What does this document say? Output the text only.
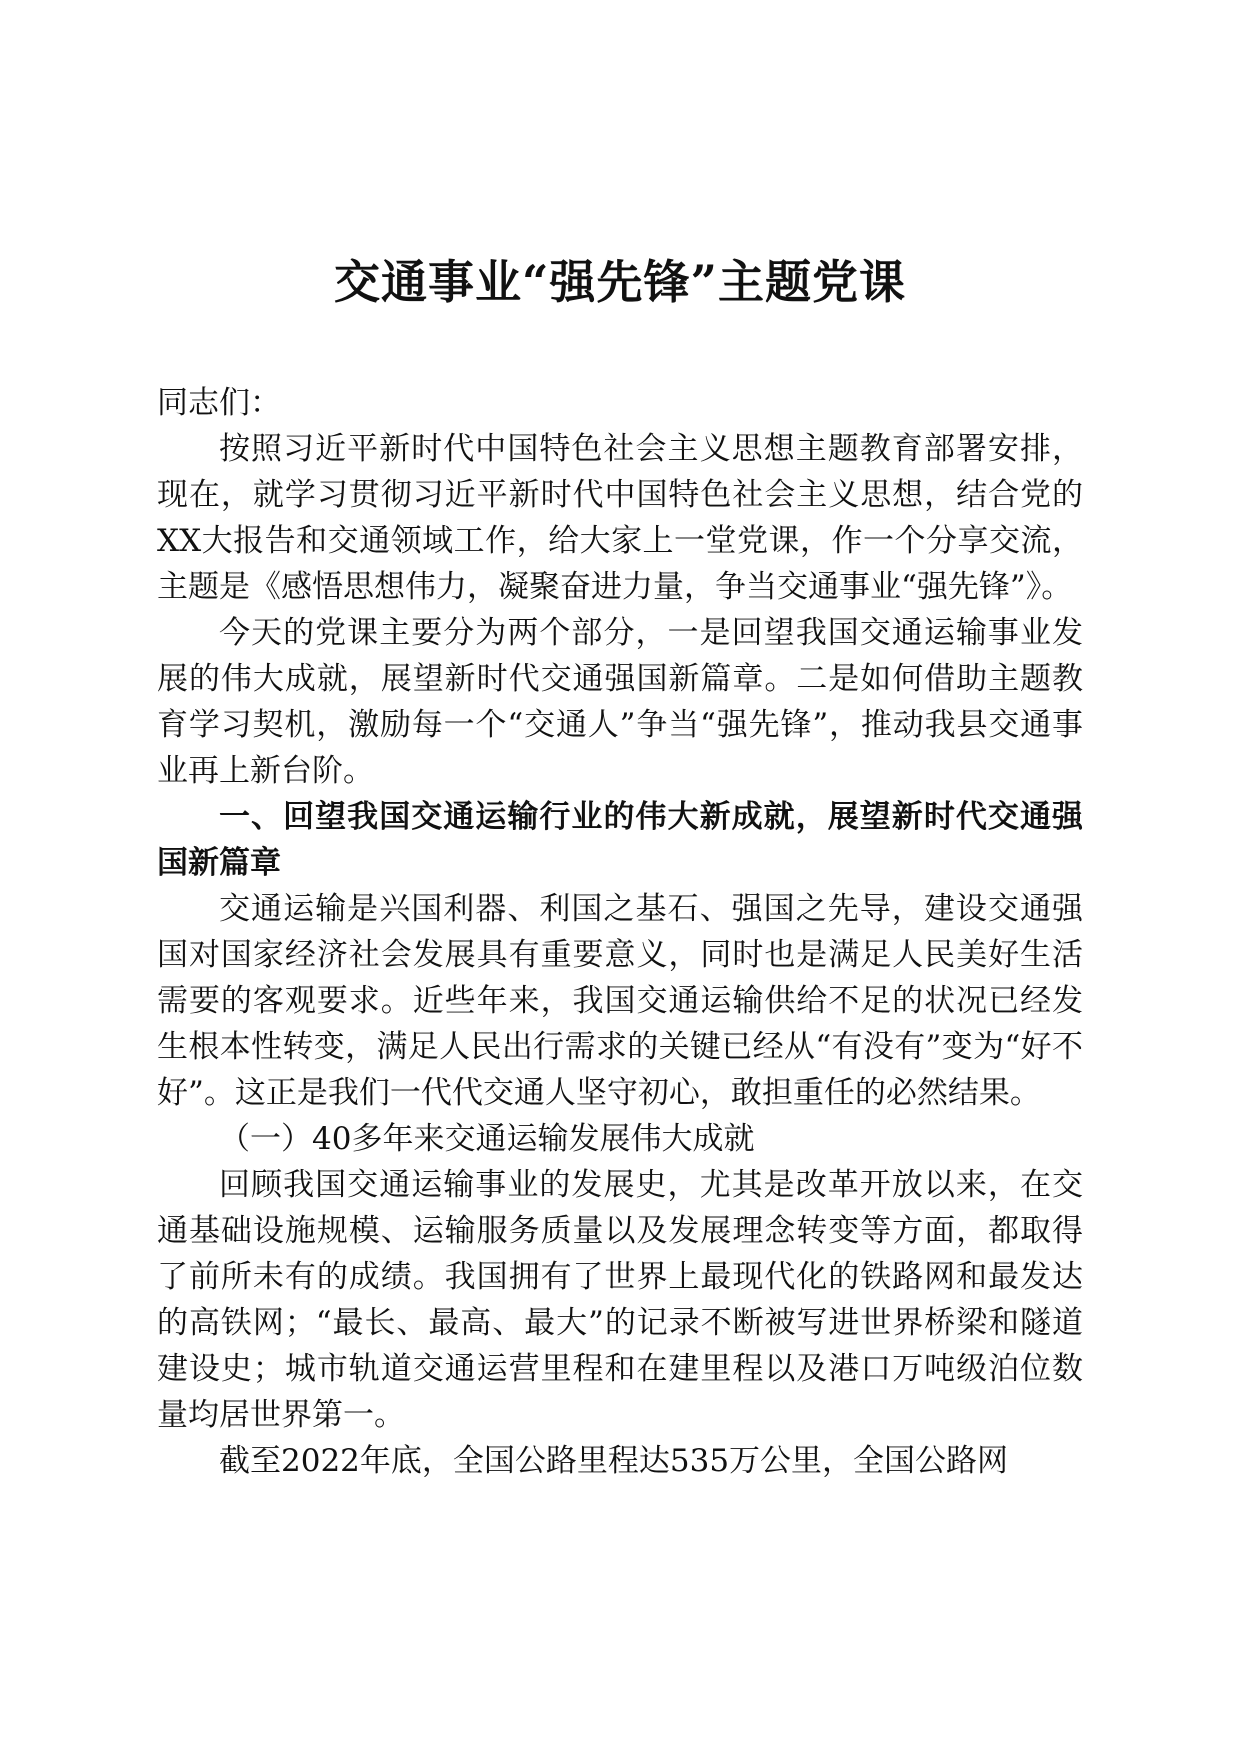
交通事业“强先锋”主题党课

同志们：

按照习近平新时代中国特色社会主义思想主题教育部署安排，现在，就学习贯彻习近平新时代中国特色社会主义思想，结合党的XX大报告和交通领域工作，给大家上一堂党课，作一个分享交流，主题是《感悟思想伟力，凝聚奋进力量，争当交通事业“强先锋”》。

今天的党课主要分为两个部分，一是回望我国交通运输事业发展的伟大成就，展望新时代交通强国新篇章。二是如何借助主题教育学习契机，激励每一个“交通人”争当“强先锋”，推动我县交通事业再上新台阶。

一、回望我国交通运输行业的伟大新成就，展望新时代交通强国新篇章

交通运输是兴国利器、利国之基石、强国之先导，建设交通强国对国家经济社会发展具有重要意义，同时也是满足人民美好生活需要的客观要求。近些年来，我国交通运输供给不足的状况已经发生根本性转变，满足人民出行需求的关键已经从“有没有”变为“好不好”。这正是我们一代代交通人坚守初心，敢担重任的必然结果。

（一）40多年来交通运输发展伟大成就

回顾我国交通运输事业的发展史，尤其是改革开放以来，在交通基础设施规模、运输服务质量以及发展理念转变等方面，都取得了前所未有的成绩。我国拥有了世界上最现代化的铁路网和最发达的高铁网；“最长、最高、最大”的记录不断被写进世界桥梁和隧道建设史；城市轨道交通运营里程和在建里程以及港口万吨级泊位数量均居世界第一。

截至2022年底，全国公路里程达535万公里，全国公路网
